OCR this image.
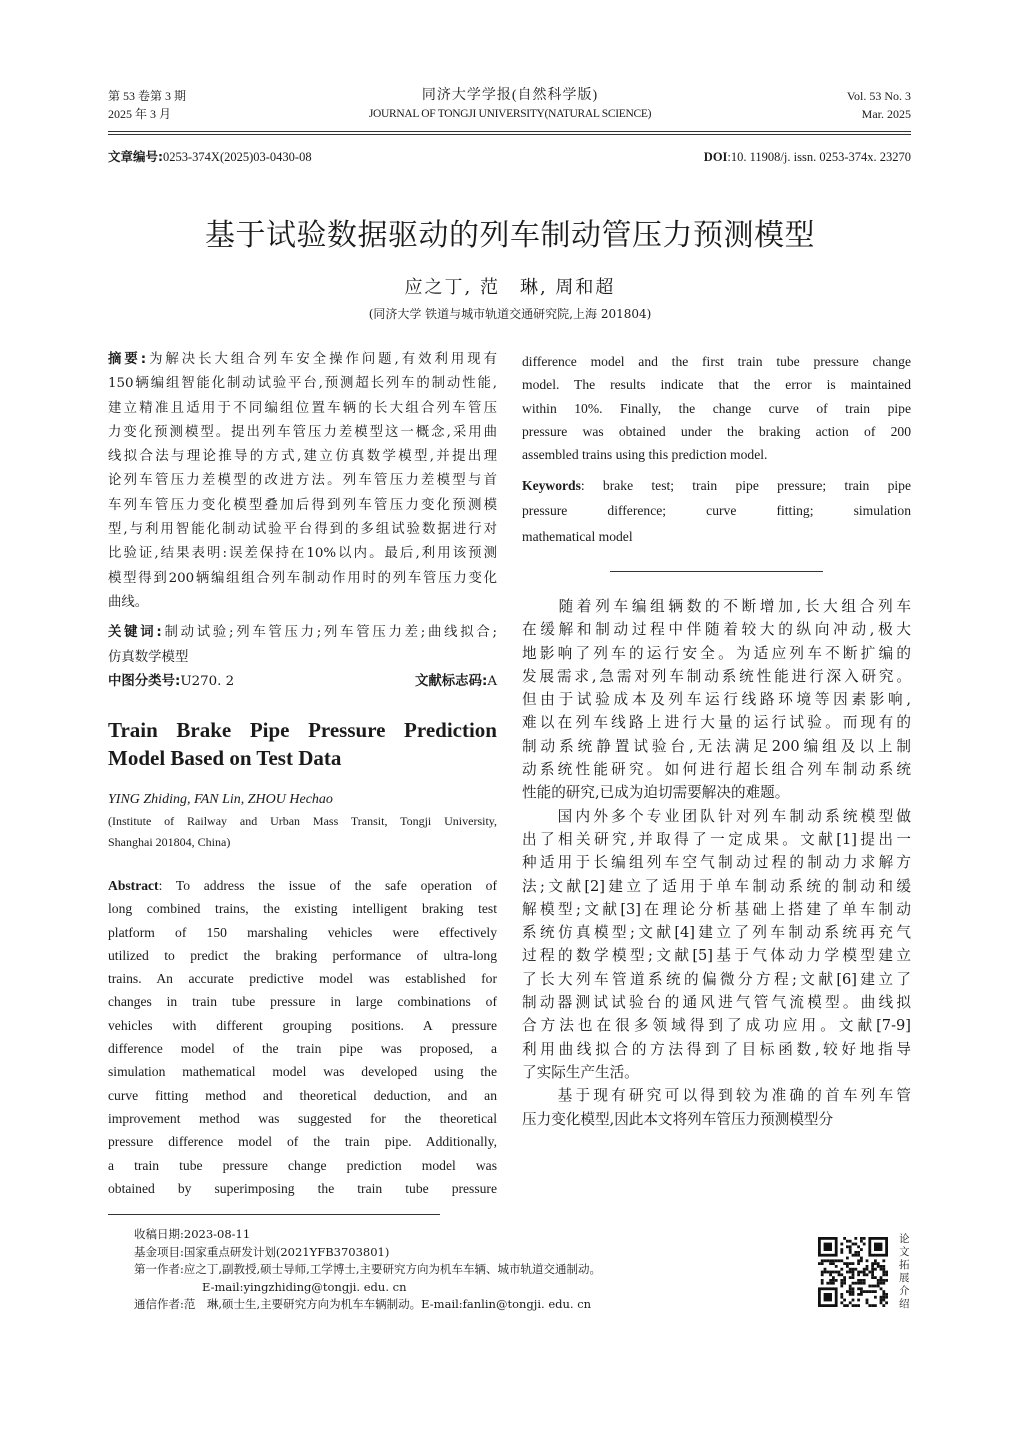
第 53 卷第 3 期
2025 年 3 月
同济大学学报(自然科学版)
JOURNAL OF TONGJI UNIVERSITY(NATURAL SCIENCE)
Vol. 53 No. 3
Mar. 2025
文章编号:0253-374X(2025)03-0430-08	DOI:10. 11908/j. issn. 0253-374x. 23270
基于试验数据驱动的列车制动管压力预测模型
应之丁, 范　琳, 周和超
(同济大学 铁道与城市轨道交通研究院,上海 201804)
摘要:为解决长大组合列车安全操作问题,有效利用现有
150辆编组智能化制动试验平台,预测超长列车的制动性能,
建立精准且适用于不同编组位置车辆的长大组合列车管压
力变化预测模型。提出列车管压力差模型这一概念,采用曲
线拟合法与理论推导的方式,建立仿真数学模型,并提出理
论列车管压力差模型的改进方法。列车管压力差模型与首
车列车管压力变化模型叠加后得到列车管压力变化预测模
型,与利用智能化制动试验平台得到的多组试验数据进行对
比验证,结果表明:误差保持在10%以内。最后,利用该预测
模型得到200辆编组组合列车制动作用时的列车管压力变化
曲线。
关键词:制动试验;列车管压力;列车管压力差;曲线拟合;
仿真数学模型
中图分类号:U270. 2	文献标志码:A
Train Brake Pipe Pressure Prediction
Model Based on Test Data
YING Zhiding, FAN Lin, ZHOU Hechao
(Institute of Railway and Urban Mass Transit, Tongji University,
Shanghai 201804, China)
Abstract: To address the issue of the safe operation of
long combined trains, the existing intelligent braking test
platform of 150 marshaling vehicles were effectively
utilized to predict the braking performance of ultra-long
trains. An accurate predictive model was established for
changes in train tube pressure in large combinations of
vehicles with different grouping positions. A pressure
difference model of the train pipe was proposed, a
simulation mathematical model was developed using the
curve fitting method and theoretical deduction, and an
improvement method was suggested for the theoretical
pressure difference model of the train pipe. Additionally,
a train tube pressure change prediction model was
obtained by superimposing the train tube pressure
difference model and the first train tube pressure change
model. The results indicate that the error is maintained
within 10%. Finally, the change curve of train pipe
pressure was obtained under the braking action of 200
assembled trains using this prediction model.
Keywords: brake test; train pipe pressure; train pipe
pressure difference; curve fitting; simulation
mathematical model
　　随着列车编组辆数的不断增加,长大组合列车
在缓解和制动过程中伴随着较大的纵向冲动,极大
地影响了列车的运行安全。为适应列车不断扩编的
发展需求,急需对列车制动系统性能进行深入研究。
但由于试验成本及列车运行线路环境等因素影响,
难以在列车线路上进行大量的运行试验。而现有的
制动系统静置试验台,无法满足200编组及以上制
动系统性能研究。如何进行超长组合列车制动系统
性能的研究,已成为迫切需要解决的难题。
　　国内外多个专业团队针对列车制动系统模型做
出了相关研究,并取得了一定成果。文献[1]提出一
种适用于长编组列车空气制动过程的制动力求解方
法;文献[2]建立了适用于单车制动系统的制动和缓
解模型;文献[3]在理论分析基础上搭建了单车制动
系统仿真模型;文献[4]建立了列车制动系统再充气
过程的数学模型;文献[5]基于气体动力学模型建立
了长大列车管道系统的偏微分方程;文献[6]建立了
制动器测试试验台的通风进气管气流模型。曲线拟
合方法也在很多领域得到了成功应用。文献[7-9]
利用曲线拟合的方法得到了目标函数,较好地指导
了实际生产生活。
　　基于现有研究可以得到较为准确的首车列车管
压力变化模型,因此本文将列车管压力预测模型分
收稿日期:2023-08-11
基金项目:国家重点研发计划(2021YFB3703801)
第一作者:应之丁,副教授,硕士导师,工学博士,主要研究方向为机车车辆、城市轨道交通制动。
E-mail:yingzhiding@tongji. edu. cn
通信作者:范　琳,硕士生,主要研究方向为机车车辆制动。E-mail:fanlin@tongji. edu. cn
论
文
拓
展
介
绍
